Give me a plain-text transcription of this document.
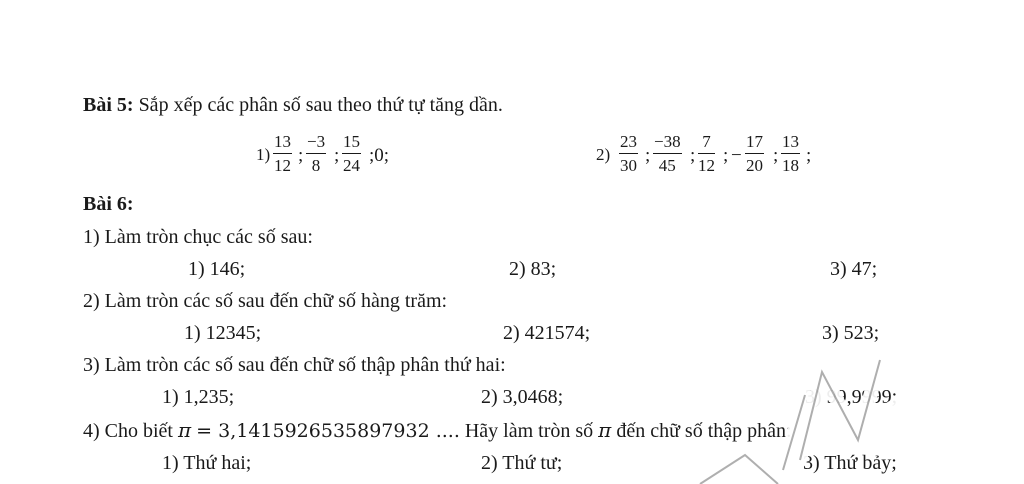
Bài 5: Sắp xếp các phân số sau theo thứ tự tăng dần.
$1) \frac{13}{12}$ ; $\frac{-3}{8}$ ; $\frac{15}{24}$ ;0;	$2) \frac{23}{30}$ ; $\frac{-38}{45}$ ; $\frac{7}{12}$ ; − $\frac{17}{20}$ ; $\frac{13}{18}$ ;
Bài 6:
1) Làm tròn chục các số sau:
1) 146;	2) 83;	3) 47;
2) Làm tròn các số sau đến chữ số hàng trăm:
1) 12345;	2) 421574;	3) 523;
3) Làm tròn các số sau đến chữ số thập phân thứ hai:
1) 1,235;	2) 3,0468;	3) 99,9999;
4) Cho biết π = 3,1415926535897932 .... Hãy làm tròn số π đến chữ số thập phân:
1) Thứ hai;	2) Thứ tư;	3) Thứ bảy;
